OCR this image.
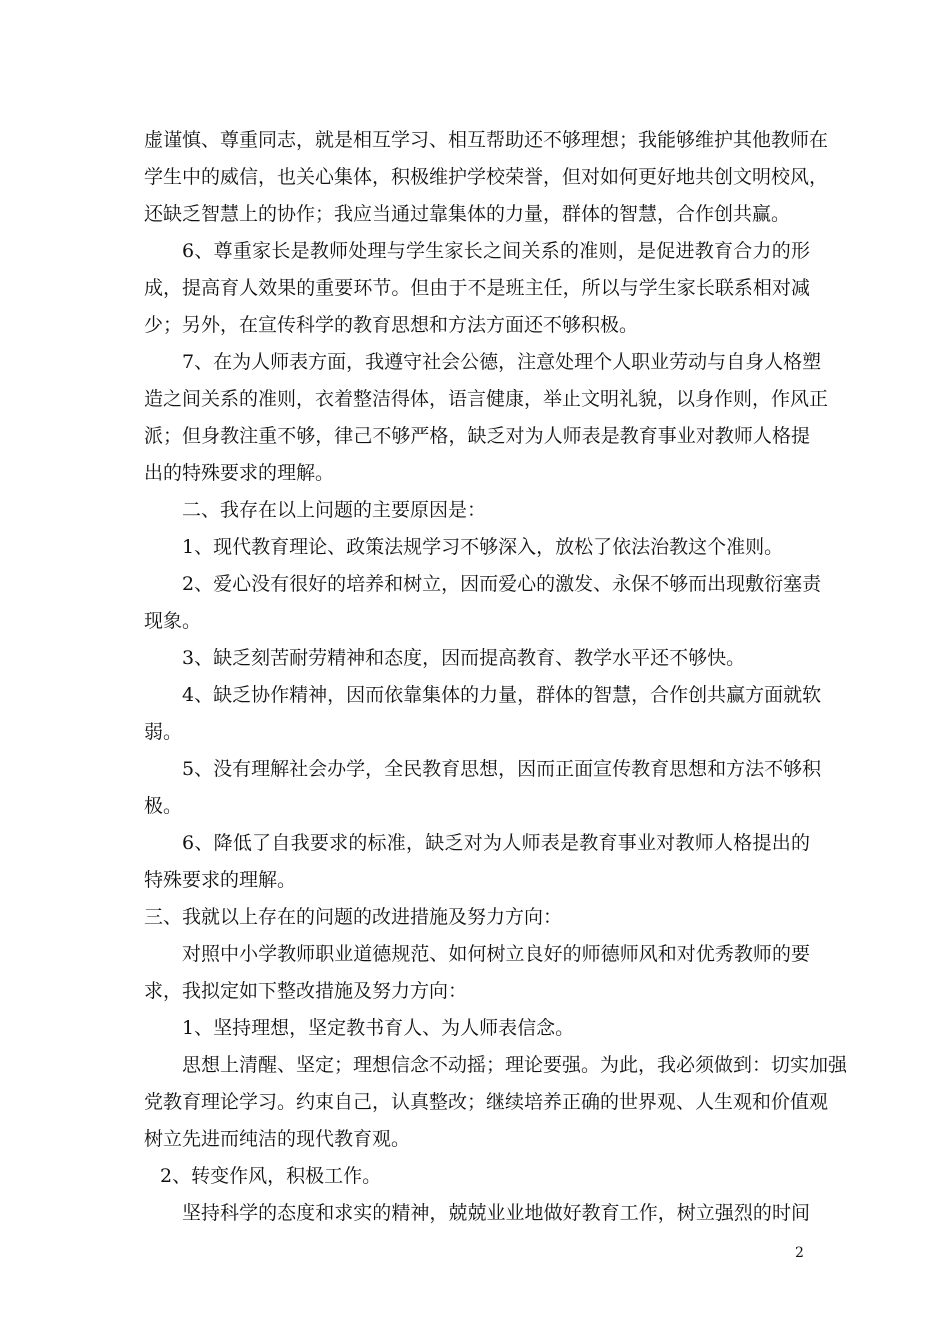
虚谨慎、尊重同志，就是相互学习、相互帮助还不够理想；我能够维护其他教师在
学生中的威信，也关心集体，积极维护学校荣誉，但对如何更好地共创文明校风，
还缺乏智慧上的协作；我应当通过靠集体的力量，群体的智慧，合作创共赢。
6、尊重家长是教师处理与学生家长之间关系的准则，是促进教育合力的形
成，提高育人效果的重要环节。但由于不是班主任，所以与学生家长联系相对减
少；另外，在宣传科学的教育思想和方法方面还不够积极。
7、在为人师表方面，我遵守社会公德，注意处理个人职业劳动与自身人格塑
造之间关系的准则，衣着整洁得体，语言健康，举止文明礼貌，以身作则，作风正
派；但身教注重不够，律己不够严格，缺乏对为人师表是教育事业对教师人格提
出的特殊要求的理解。
二、我存在以上问题的主要原因是：
1、现代教育理论、政策法规学习不够深入，放松了依法治教这个准则。
2、爱心没有很好的培养和树立，因而爱心的激发、永保不够而出现敷衍塞责
现象。
3、缺乏刻苦耐劳精神和态度，因而提高教育、教学水平还不够快。
4、缺乏协作精神，因而依靠集体的力量，群体的智慧，合作创共赢方面就软
弱。
5、没有理解社会办学，全民教育思想，因而正面宣传教育思想和方法不够积
极。
6、降低了自我要求的标准，缺乏对为人师表是教育事业对教师人格提出的
特殊要求的理解。
三、我就以上存在的问题的改进措施及努力方向：
对照中小学教师职业道德规范、如何树立良好的师德师风和对优秀教师的要
求，我拟定如下整改措施及努力方向：
1、坚持理想，坚定教书育人、为人师表信念。
思想上清醒、坚定；理想信念不动摇；理论要强。为此，我必须做到：切实加强
党教育理论学习。约束自己，认真整改；继续培养正确的世界观、人生观和价值观
树立先进而纯洁的现代教育观。
2、转变作风，积极工作。
坚持科学的态度和求实的精神，兢兢业业地做好教育工作，树立强烈的时间
2
